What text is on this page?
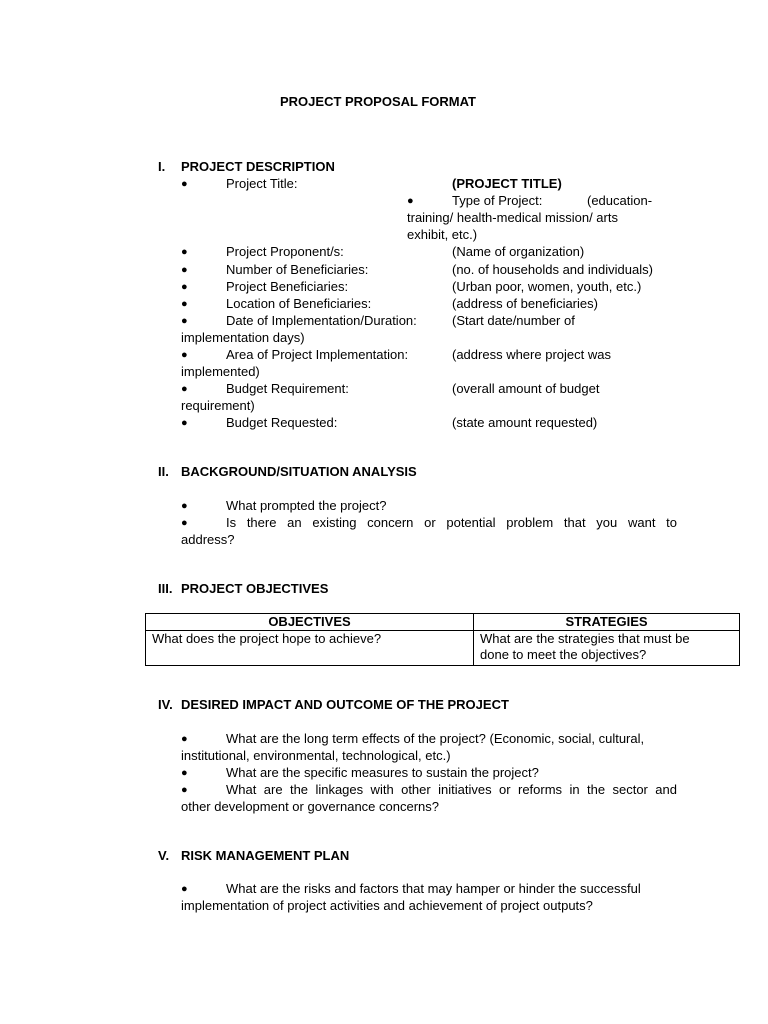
PROJECT PROPOSAL FORMAT
I. PROJECT DESCRIPTION
●	Project Title:	(PROJECT TITLE)
●	Type of Project:	(education-
training/ health-medical mission/ arts
exhibit, etc.)
●	Project Proponent/s:	(Name of organization)
●	Number of Beneficiaries:	(no. of households and individuals)
●	Project Beneficiaries:	(Urban poor, women, youth, etc.)
●	Location of Beneficiaries:	(address of beneficiaries)
●	Date of Implementation/Duration:	(Start date/number of
implementation days)
●	Area of Project Implementation:	(address where project was
implemented)
●	Budget Requirement:	(overall amount of budget
requirement)
●	Budget Requested:	(state amount requested)
II. BACKGROUND/SITUATION ANALYSIS
●	What prompted the project?
●	Is there an existing concern or potential problem that you want to
address?
III. PROJECT OBJECTIVES
OBJECTIVES	STRATEGIES
What does the project hope to achieve?	What are the strategies that must be
done to meet the objectives?
IV. DESIRED IMPACT AND OUTCOME OF THE PROJECT
●	What are the long term effects of the project? (Economic, social, cultural,
institutional, environmental, technological, etc.)
●	What are the specific measures to sustain the project?
●	What are the linkages with other initiatives or reforms in the sector and
other development or governance concerns?
V. RISK MANAGEMENT PLAN
●	What are the risks and factors that may hamper or hinder the successful
implementation of project activities and achievement of project outputs?
